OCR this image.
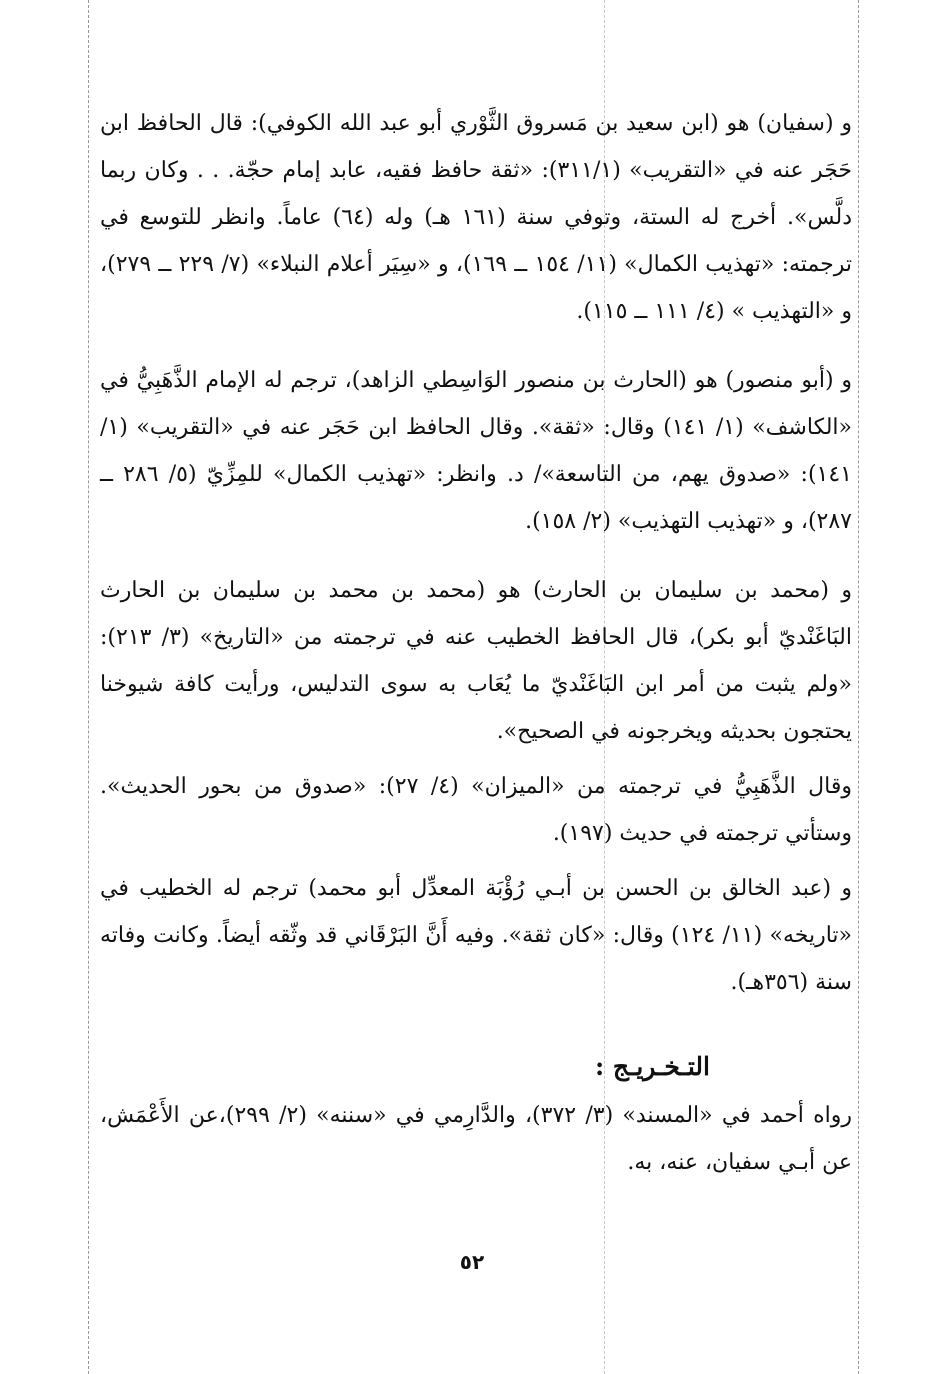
و (سفيان) هو (ابن سعيد بن مَسروق الثَّوْري أبو عبد الله الكوفي): قال الحافظ ابن حَجَر عنه في «التقريب» (٣١١/١): «ثقة حافظ فقيه، عابد إمام حجّة. . . وكان ربما دلَّس». أخرج له الستة، وتوفي سنة (١٦١ هـ) وله (٦٤) عاماً. وانظر للتوسع في ترجمته: «تهذيب الكمال» (١١/ ١٥٤ ــ ١٦٩)، و «سِيَر أعلام النبلاء» (٧/ ٢٢٩ ــ ٢٧٩)، و «التهذيب » (٤/ ١١١ ــ ١١٥).

و (أبو منصور) هو (الحارث بن منصور الوَاسِطي الزاهد)، ترجم له الإمام الذَّهَبِيُّ في «الكاشف» (١/ ١٤١) وقال: «ثقة». وقال الحافظ ابن حَجَر عنه في «التقريب» (١/ ١٤١): «صدوق يهم، من التاسعة»/ د. وانظر: «تهذيب الكمال» للمِزِّيّ (٥/ ٢٨٦ ــ ٢٨٧)، و «تهذيب التهذيب» (٢/ ١٥٨).

و (محمد بن سليمان بن الحارث) هو (محمد بن محمد بن سليمان بن الحارث البَاغَنْديّ أبو بكر)، قال الحافظ الخطيب عنه في ترجمته من «التاريخ» (٣/ ٢١٣): «ولم يثبت من أمر ابن البَاغَنْديّ ما يُعَاب به سوى التدليس، ورأيت كافة شيوخنا يحتجون بحديثه ويخرجونه في الصحيح».

وقال الذَّهَبِيُّ في ترجمته من «الميزان» (٤/ ٢٧): «صدوق من بحور الحديث». وستأتي ترجمته في حديث (١٩٧).

و (عبد الخالق بن الحسن بن أبـي رُؤْبَة المعدِّل أبو محمد) ترجم له الخطيب في «تاريخه» (١١/ ١٢٤) وقال: «كان ثقة». وفيه أَنَّ البَرْقَاني قد وثّقه أيضاً. وكانت وفاته سنة (٣٥٦هـ).

التـخـريـج :

رواه أحمد في «المسند» (٣/ ٣٧٢)، والدَّارِمي في «سننه» (٢/ ٢٩٩)،عن الأَعْمَش، عن أبـي سفيان، عنه، به.

٥٢
